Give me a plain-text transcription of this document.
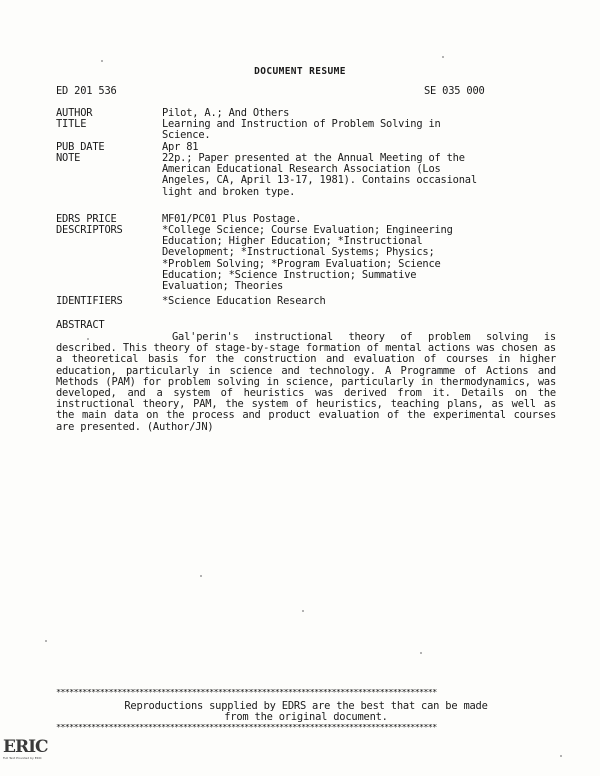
DOCUMENT RESUME
ED 201 536	SE 035 000
AUTHOR	Pilot, A.; And Others
TITLE	Learning and Instruction of Problem Solving in
Science.
PUB DATE	Apr 81
NOTE	22p.; Paper presented at the Annual Meeting of the
American Educational Research Association (Los
Angeles, CA, April 13-17, 1981). Contains occasional
light and broken type.
EDRS PRICE	MF01/PC01 Plus Postage.
DESCRIPTORS	*College Science; Course Evaluation; Engineering
Education; Higher Education; *Instructional
Development; *Instructional Systems; Physics;
*Problem Solving; *Program Evaluation; Science
Education; *Science Instruction; Summative
Evaluation; Theories
IDENTIFIERS	*Science Education Research
ABSTRACT
Gal'perin's instructional theory of problem solving is described. This theory of stage-by-stage formation of mental actions was chosen as a theoretical basis for the construction and evaluation of courses in higher education, particularly in science and technology. A Programme of Actions and Methods (PAM) for problem solving in science, particularly in thermodynamics, was developed, and a system of heuristics was derived from it. Details on the instructional theory, PAM, the system of heuristics, teaching plans, as well as the main data on the process and product evaluation of the experimental courses are presented. (Author/JN)
***************************************************************************************
Reproductions supplied by EDRS are the best that can be made
from the original document.
***************************************************************************************
ERIC
Full Text Provided by ERIC
